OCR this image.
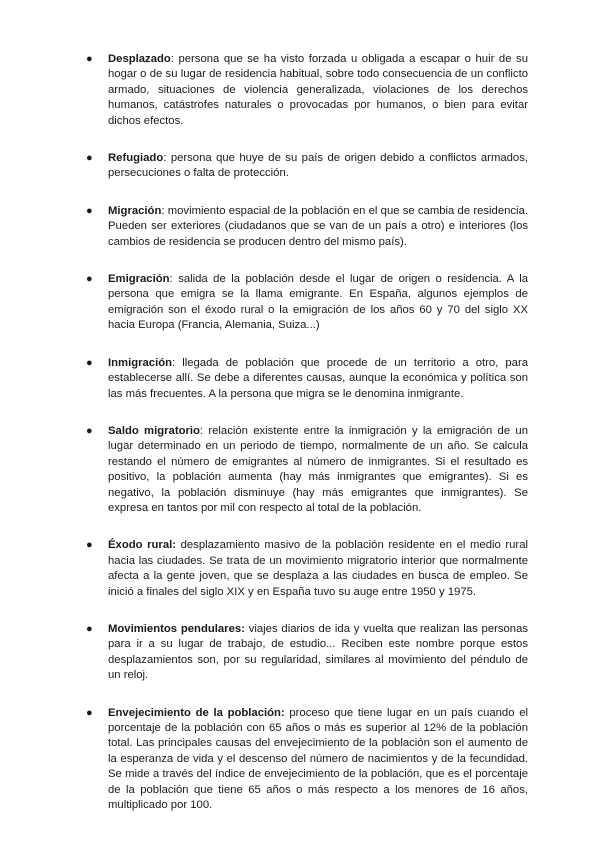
● Desplazado: persona que se ha visto forzada u obligada a escapar o huir de su hogar o de su lugar de residencia habitual, sobre todo consecuencia de un conflicto armado, situaciones de violencia generalizada, violaciones de los derechos humanos, catástrofes naturales o provocadas por humanos, o bien para evitar dichos efectos.
● Refugiado: persona que huye de su país de origen debido a conflictos armados, persecuciones o falta de protección.
● Migración: movimiento espacial de la población en el que se cambia de residencia. Pueden ser exteriores (ciudadanos que se van de un país a otro) e interiores (los cambios de residencia se producen dentro del mismo país).
● Emigración: salida de la población desde el lugar de origen o residencia. A la persona que emigra se la llama emigrante. En España, algunos ejemplos de emigración son el éxodo rural o la emigración de los años 60 y 70 del siglo XX hacia Europa (Francia, Alemania, Suiza...)
● Inmigración: llegada de población que procede de un territorio a otro, para establecerse allí. Se debe a diferentes causas, aunque la económica y política son las más frecuentes. A la persona que migra se le denomina inmigrante.
● Saldo migratorio: relación existente entre la inmigración y la emigración de un lugar determinado en un periodo de tiempo, normalmente de un año. Se calcula restando el número de emigrantes al número de inmigrantes. Si el resultado es positivo, la población aumenta (hay más inmigrantes que emigrantes). Si es negativo, la población disminuye (hay más emigrantes que inmigrantes). Se expresa en tantos por mil con respecto al total de la población.
● Éxodo rural: desplazamiento masivo de la población residente en el medio rural hacia las ciudades. Se trata de un movimiento migratorio interior que normalmente afecta a la gente joven, que se desplaza a las ciudades en busca de empleo. Se inició a finales del siglo XIX y en España tuvo su auge entre 1950 y 1975.
● Movimientos pendulares: viajes diarios de ida y vuelta que realizan las personas para ir a su lugar de trabajo, de estudio... Reciben este nombre porque estos desplazamientos son, por su regularidad, similares al movimiento del péndulo de un reloj.
● Envejecimiento de la población: proceso que tiene lugar en un país cuando el porcentaje de la población con 65 años o más es superior al 12% de la población total. Las principales causas del envejecimiento de la población son el aumento de la esperanza de vida y el descenso del número de nacimientos y de la fecundidad. Se mide a través del índice de envejecimiento de la población, que es el porcentaje de la población que tiene 65 años o más respecto a los menores de 16 años, multiplicado por 100.
